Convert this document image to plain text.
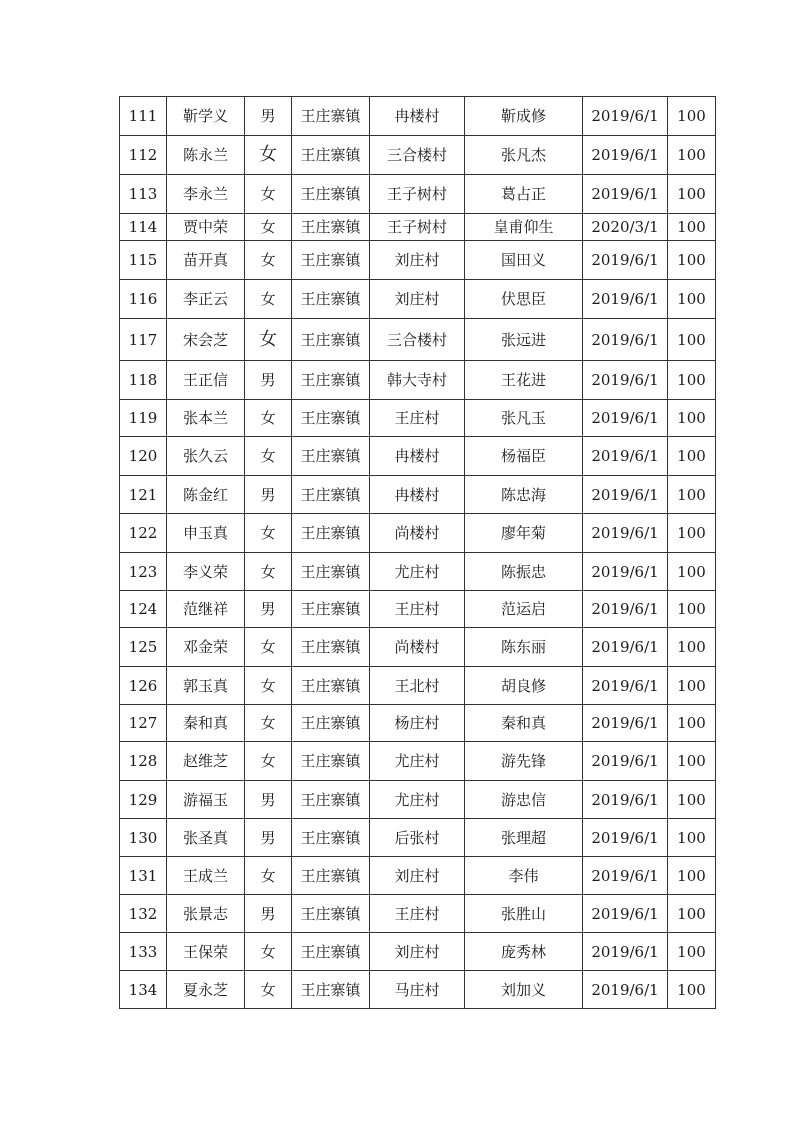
111	靳学义	男	王庄寨镇	冉楼村	靳成修	2019/6/1	100
112	陈永兰	女	王庄寨镇	三合楼村	张凡杰	2019/6/1	100
113	李永兰	女	王庄寨镇	王子树村	葛占正	2019/6/1	100
114	贾中荣	女	王庄寨镇	王子树村	皇甫仰生	2020/3/1	100
115	苗开真	女	王庄寨镇	刘庄村	国田义	2019/6/1	100
116	李正云	女	王庄寨镇	刘庄村	伏思臣	2019/6/1	100
117	宋会芝	女	王庄寨镇	三合楼村	张远进	2019/6/1	100
118	王正信	男	王庄寨镇	韩大寺村	王花进	2019/6/1	100
119	张本兰	女	王庄寨镇	王庄村	张凡玉	2019/6/1	100
120	张久云	女	王庄寨镇	冉楼村	杨福臣	2019/6/1	100
121	陈金红	男	王庄寨镇	冉楼村	陈忠海	2019/6/1	100
122	申玉真	女	王庄寨镇	尚楼村	廖年菊	2019/6/1	100
123	李义荣	女	王庄寨镇	尤庄村	陈振忠	2019/6/1	100
124	范继祥	男	王庄寨镇	王庄村	范运启	2019/6/1	100
125	邓金荣	女	王庄寨镇	尚楼村	陈东丽	2019/6/1	100
126	郭玉真	女	王庄寨镇	王北村	胡良修	2019/6/1	100
127	秦和真	女	王庄寨镇	杨庄村	秦和真	2019/6/1	100
128	赵维芝	女	王庄寨镇	尤庄村	游先锋	2019/6/1	100
129	游福玉	男	王庄寨镇	尤庄村	游忠信	2019/6/1	100
130	张圣真	男	王庄寨镇	后张村	张理超	2019/6/1	100
131	王成兰	女	王庄寨镇	刘庄村	李伟	2019/6/1	100
132	张景志	男	王庄寨镇	王庄村	张胜山	2019/6/1	100
133	王保荣	女	王庄寨镇	刘庄村	庞秀林	2019/6/1	100
134	夏永芝	女	王庄寨镇	马庄村	刘加义	2019/6/1	100
